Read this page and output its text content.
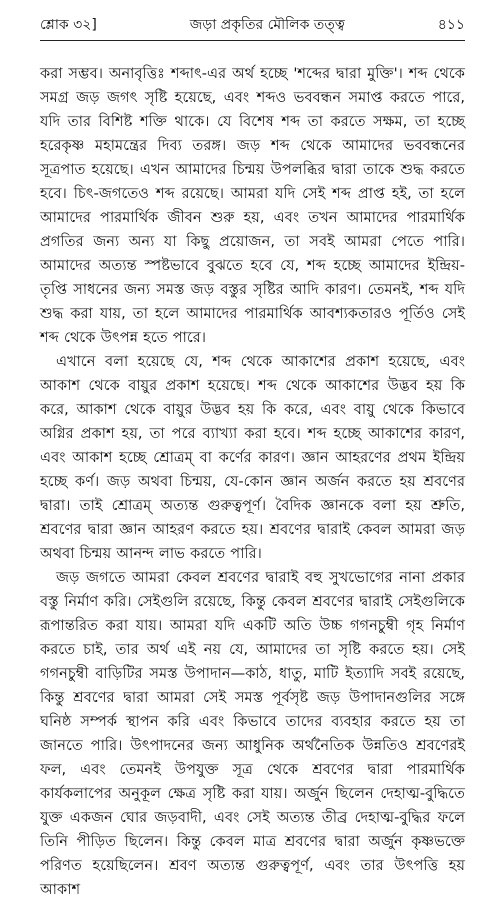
শ্লোক ৩২]	জড়া প্রকৃতির মৌলিক তত্ত্ব	৪১১

করা সম্ভব। অনাবৃত্তিঃ শব্দাৎ-এর অর্থ হচ্ছে 'শব্দের দ্বারা মুক্তি'। শব্দ থেকে সমগ্র জড় জগৎ সৃষ্টি হয়েছে, এবং শব্দও ভববন্ধন সমাপ্ত করতে পারে, যদি তার বিশিষ্ট শক্তি থাকে। যে বিশেষ শব্দ তা করতে সক্ষম, তা হচ্ছে হরেকৃষ্ণ মহামন্ত্রের দিব্য তরঙ্গ। জড় শব্দ থেকে আমাদের ভববন্ধনের সূত্রপাত হয়েছে। এখন আমাদের চিন্ময় উপলব্ধির দ্বারা তাকে শুদ্ধ করতে হবে। চিৎ-জগতেও শব্দ রয়েছে। আমরা যদি সেই শব্দ প্রাপ্ত হই, তা হলে আমাদের পারমার্থিক জীবন শুরু হয়, এবং তখন আমাদের পারমার্থিক প্রগতির জন্য অন্য যা কিছু প্রয়োজন, তা সবই আমরা পেতে পারি। আমাদের অত্যন্ত স্পষ্টভাবে বুঝতে হবে যে, শব্দ হচ্ছে আমাদের ইন্দ্রিয়-তৃপ্তি সাধনের জন্য সমস্ত জড় বস্তুর সৃষ্টির আদি কারণ। তেমনই, শব্দ যদি শুদ্ধ করা যায়, তা হলে আমাদের পারমার্থিক আবশ্যকতারও পূর্তিও সেই শব্দ থেকে উৎপন্ন হতে পারে।

এখানে বলা হয়েছে যে, শব্দ থেকে আকাশের প্রকাশ হয়েছে, এবং আকাশ থেকে বায়ুর প্রকাশ হয়েছে। শব্দ থেকে আকাশের উদ্ভব হয় কি করে, আকাশ থেকে বায়ুর উদ্ভব হয় কি করে, এবং বায়ু থেকে কিভাবে অগ্নির প্রকাশ হয়, তা পরে ব্যাখ্যা করা হবে। শব্দ হচ্ছে আকাশের কারণ, এবং আকাশ হচ্ছে শ্রোত্রম্ বা কর্ণের কারণ। জ্ঞান আহরণের প্রথম ইন্দ্রিয় হচ্ছে কর্ণ। জড় অথবা চিন্ময়, যে-কোন জ্ঞান অর্জন করতে হয় শ্রবণের দ্বারা। তাই শ্রোত্রম্ অত্যন্ত গুরুত্বপূর্ণ। বৈদিক জ্ঞানকে বলা হয় শ্রুতি, শ্রবণের দ্বারা জ্ঞান আহরণ করতে হয়। শ্রবণের দ্বারাই কেবল আমরা জড় অথবা চিন্ময় আনন্দ লাভ করতে পারি।

জড় জগতে আমরা কেবল শ্রবণের দ্বারাই বহু সুখভোগের নানা প্রকার বস্তু নির্মাণ করি। সেইগুলি রয়েছে, কিন্তু কেবল শ্রবণের দ্বারাই সেইগুলিকে রূপান্তরিত করা যায়। আমরা যদি একটি অতি উচ্চ গগনচুম্বী গৃহ নির্মাণ করতে চাই, তার অর্থ এই নয় যে, আমাদের তা সৃষ্টি করতে হয়। সেই গগনচুম্বী বাড়িটির সমস্ত উপাদান—কাঠ, ধাতু, মাটি ইত্যাদি সবই রয়েছে, কিন্তু শ্রবণের দ্বারা আমরা সেই সমস্ত পূর্বসৃষ্ট জড় উপাদানগুলির সঙ্গে ঘনিষ্ঠ সম্পর্ক স্থাপন করি এবং কিভাবে তাদের ব্যবহার করতে হয় তা জানতে পারি। উৎপাদনের জন্য আধুনিক অর্থনৈতিক উন্নতিও শ্রবণেরই ফল, এবং তেমনই উপযুক্ত সূত্র থেকে শ্রবণের দ্বারা পারমার্থিক কার্যকলাপের অনুকূল ক্ষেত্র সৃষ্টি করা যায়। অর্জুন ছিলেন দেহাত্ম-বুদ্ধিতে যুক্ত একজন ঘোর জড়বাদী, এবং সেই অত্যন্ত তীব্র দেহাত্ম-বুদ্ধির ফলে তিনি পীড়িত ছিলেন। কিন্তু কেবল মাত্র শ্রবণের দ্বারা অর্জুন কৃষ্ণভক্তে পরিণত হয়েছিলেন। শ্রবণ অত্যন্ত গুরুত্বপূর্ণ, এবং তার উৎপত্তি হয় আকাশ
